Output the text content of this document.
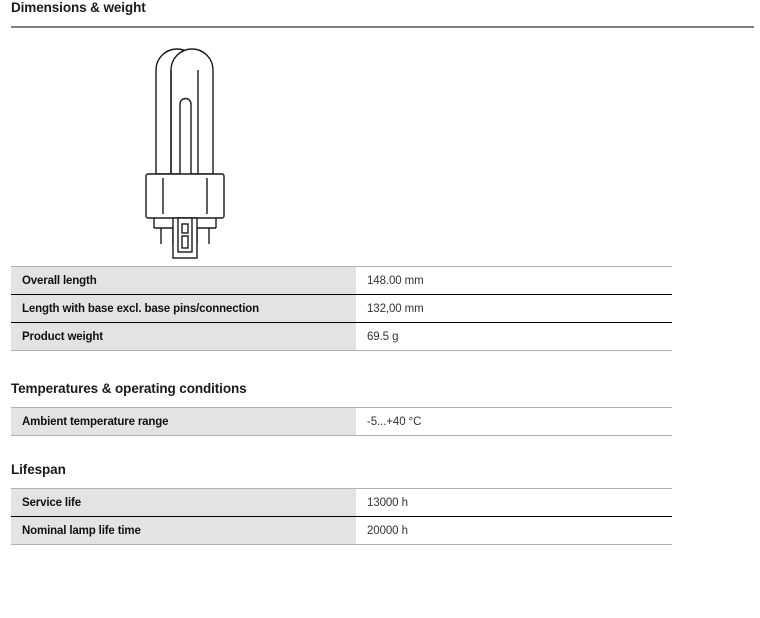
Dimensions & weight
Overall length	148.00 mm
Length with base excl. base pins/connection	132,00 mm
Product weight	69.5 g
Temperatures & operating conditions
Ambient temperature range	-5...+40 °C
Lifespan
Service life	13000 h
Nominal lamp life time	20000 h
